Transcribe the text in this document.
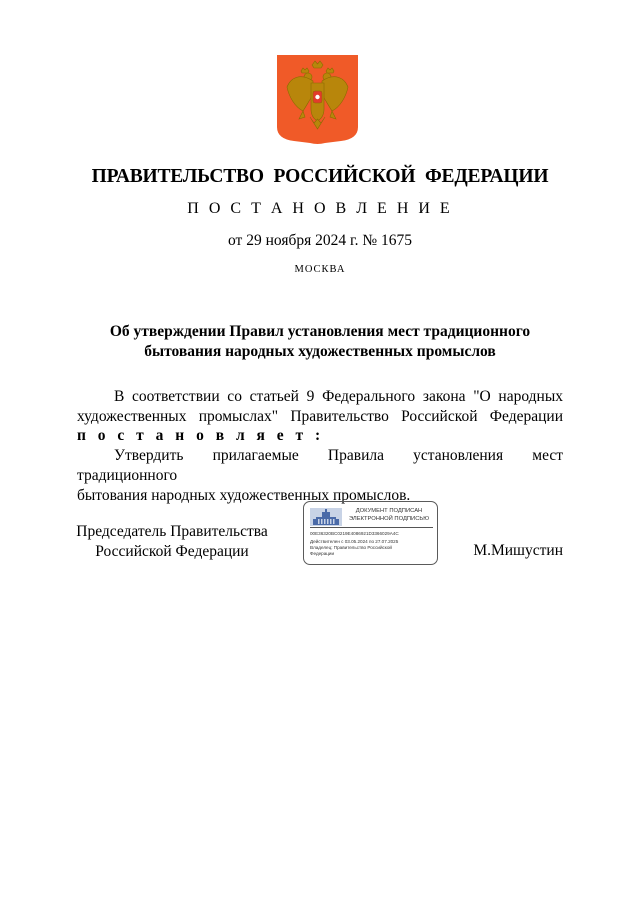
ПРАВИТЕЛЬСТВО РОССИЙСКОЙ ФЕДЕРАЦИИ
П О С Т А Н О В Л Е Н И Е
от 29 ноября 2024 г. № 1675
МОСКВА
Об утверждении Правил установления мест традиционного
бытования народных художественных промыслов
В соответствии со статьей 9 Федерального закона "О народных
художественных промыслах" Правительство Российской Федерации
п о с т а н о в л я е т :
Утвердить прилагаемые Правила установления мест традиционного
бытования народных художественных промыслов.
Председатель Правительства
Российской Федерации
ДОКУМЕНТ ПОДПИСАН
ЭЛЕКТРОННОЙ ПОДПИСЬЮ
00E36320BC0219E4086921D3366029A4C
Действителен с 03.05.2024 по 27.07.2025
Владелец: Правительство Российской
Федерации	М.Мишустин
